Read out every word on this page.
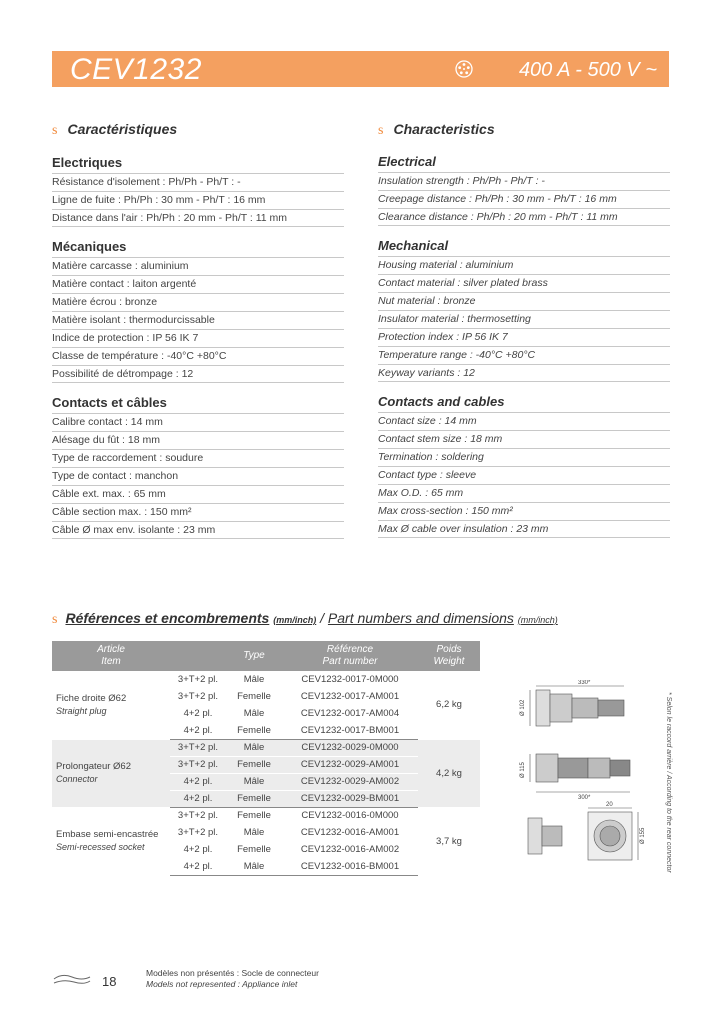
CEV1232	400 A - 500 V ~
s Caractéristiques	s Characteristics
Electriques
Résistance d'isolement : Ph/Ph - Ph/T : -
Ligne de fuite : Ph/Ph : 30 mm - Ph/T : 16 mm
Distance dans l'air : Ph/Ph : 20 mm - Ph/T : 11 mm
Mécaniques
Matière carcasse : aluminium
Matière contact : laiton argenté
Matière écrou : bronze
Matière isolant : thermodurcissable
Indice de protection : IP 56 IK 7
Classe de température : -40°C +80°C
Possibilité de détrompage : 12
Contacts et câbles
Calibre contact : 14 mm
Alésage du fût : 18 mm
Type de raccordement : soudure
Type de contact : manchon
Câble ext. max. : 65 mm
Câble section max. : 150 mm²
Câble Ø max env. isolante : 23 mm
Electrical
Insulation strength : Ph/Ph - Ph/T : -
Creepage distance : Ph/Ph : 30 mm - Ph/T : 16 mm
Clearance distance : Ph/Ph : 20 mm - Ph/T : 11 mm
Mechanical
Housing material : aluminium
Contact material : silver plated brass
Nut material : bronze
Insulator material : thermosetting
Protection index : IP 56 IK 7
Temperature range : -40°C +80°C
Keyway variants : 12
Contacts and cables
Contact size : 14 mm
Contact stem size : 18 mm
Termination : soldering
Contact type : sleeve
Max O.D. : 65 mm
Max cross-section : 150 mm²
Max Ø cable over insulation : 23 mm
s Références et encombrements (mm/inch) / Part numbers and dimensions (mm/inch)
Article
Item		Type	Référence
Part number	Poids
Weight

Fiche droite Ø62
Straight plug	3+T+2 pl.	Mâle	CEV1232-0017-0M000	6,2 kg
	3+T+2 pl.	Femelle	CEV1232-0017-AM001	
	4+2 pl.	Mâle	CEV1232-0017-AM004	
	4+2 pl.	Femelle	CEV1232-0017-BM001	

Prolongateur Ø62
Connector	3+T+2 pl.	Mâle	CEV1232-0029-0M000	4,2 kg
	3+T+2 pl.	Femelle	CEV1232-0029-AM001	
	4+2 pl.	Mâle	CEV1232-0029-AM002	
	4+2 pl.	Femelle	CEV1232-0029-BM001	

Embase semi-encastrée
Semi-recessed socket	3+T+2 pl.	Femelle	CEV1232-0016-0M000	3,7 kg
	3+T+2 pl.	Mâle	CEV1232-0016-AM001	
	4+2 pl.	Femelle	CEV1232-0016-AM002	
	4+2 pl.	Mâle	CEV1232-0016-BM001	
330*
300*
20
Ø 102
Ø 115
Ø 155	* Selon le raccord arrière / According to the rear connector
18
Modèles non présentés : Socle de connecteur
Models not represented : Appliance inlet
